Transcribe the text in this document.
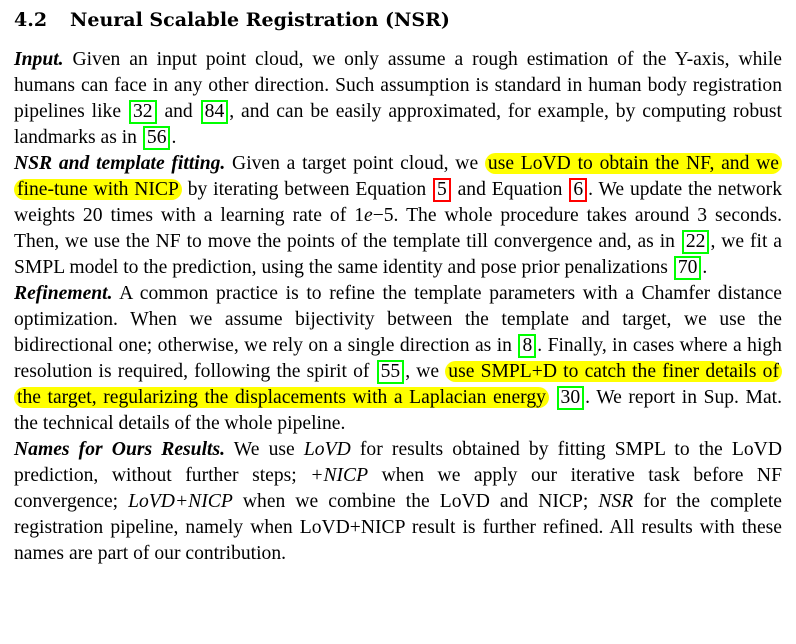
4.2 Neural Scalable Registration (NSR)

Input. Given an input point cloud, we only assume a rough estimation of the Y-axis, while humans can face in any other direction. Such assumption is standard in human body registration pipelines like 32 and 84 , and can be easily approximated, for example, by computing robust landmarks as in 56 .

NSR and template fitting. Given a target point cloud, we use LoVD to obtain the NF, and we fine-tune with NICP by iterating between Equation 5 and Equation 6 . We update the network weights 20 times with a learning rate of 1e−5. The whole procedure takes around 3 seconds. Then, we use the NF to move the points of the template till convergence and, as in 22 , we fit a SMPL model to the prediction, using the same identity and pose prior penalizations 70 .

Refinement. A common practice is to refine the template parameters with a Chamfer distance optimization. When we assume bijectivity between the template and target, we use the bidirectional one; otherwise, we rely on a single direction as in 8 . Finally, in cases where a high resolution is required, following the spirit of 55 , we use SMPL+D to catch the finer details of the target, regularizing the displacements with a Laplacian energy 30 . We report in Sup. Mat. the technical details of the whole pipeline.

Names for Ours Results. We use LoVD for results obtained by fitting SMPL to the LoVD prediction, without further steps; +NICP when we apply our iterative task before NF convergence; LoVD+NICP when we combine the LoVD and NICP; NSR for the complete registration pipeline, namely when LoVD+NICP result is further refined. All results with these names are part of our contribution.
